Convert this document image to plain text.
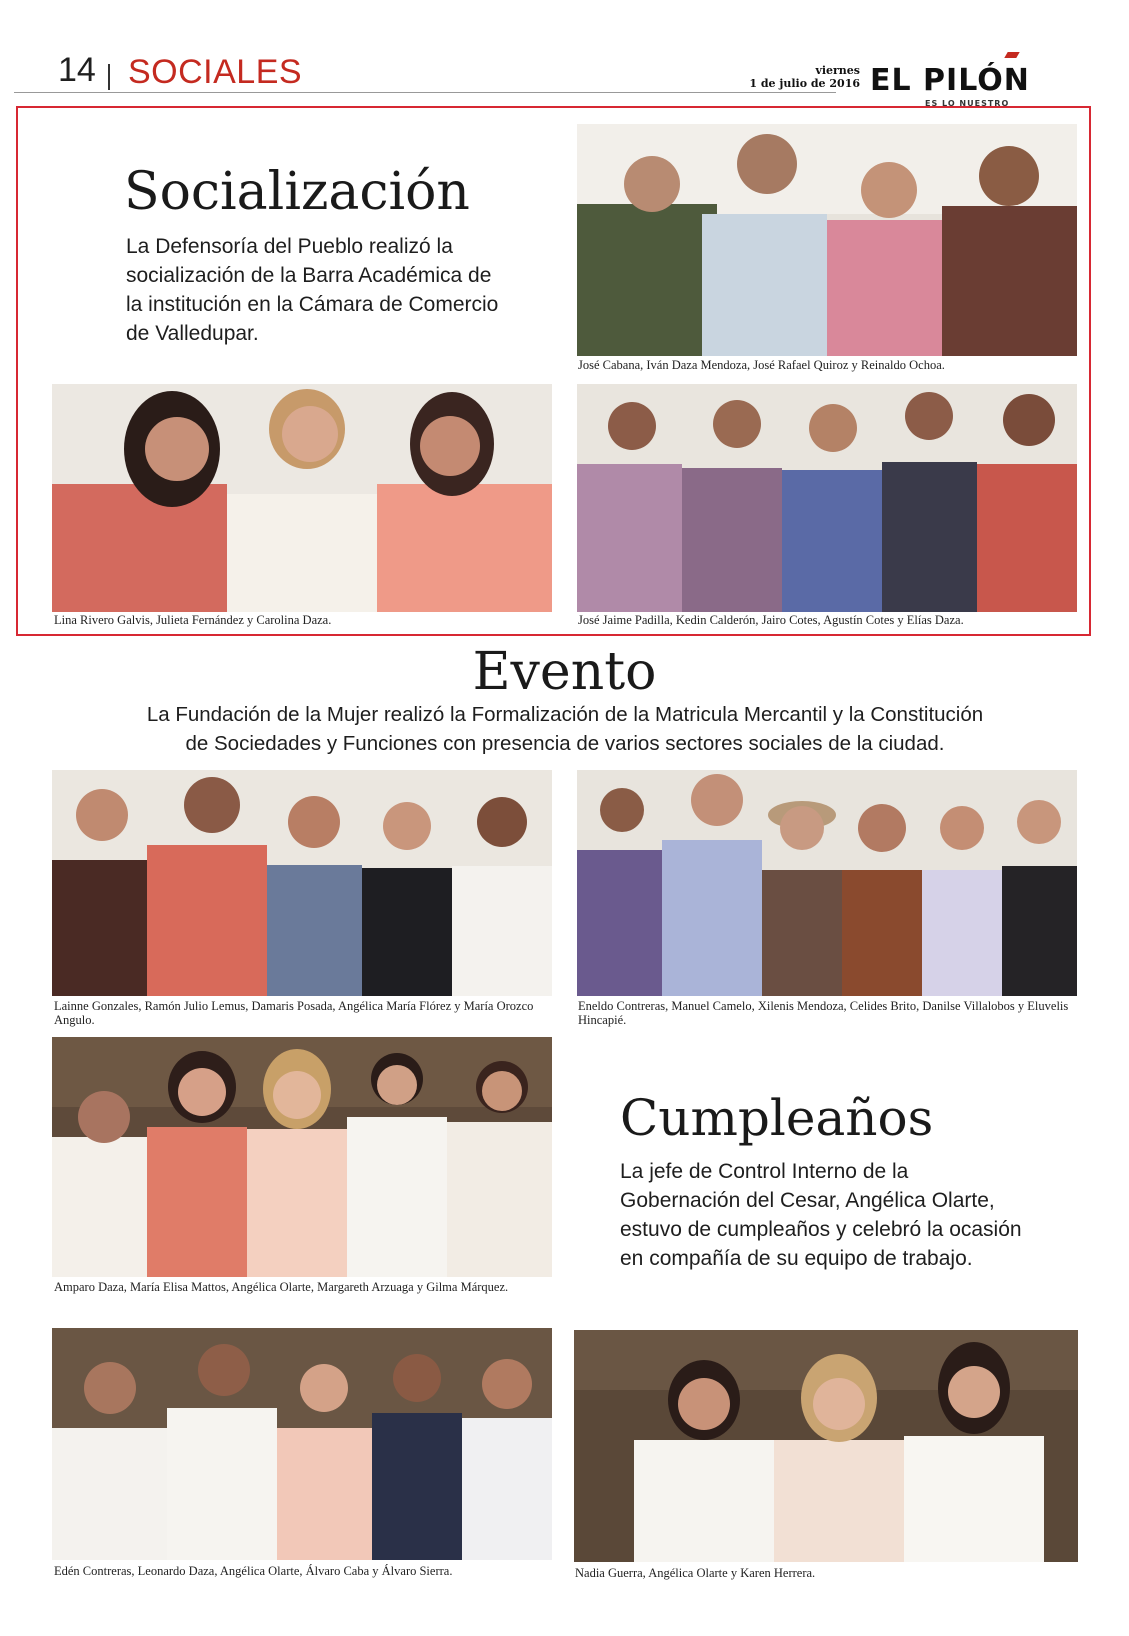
14 SOCIALES	viernes
1 de julio de 2016 EL PILÓN
ES LO NUESTRO
Socialización
La Defensoría del Pueblo realizó la socialización de la Barra Académica de la institución en la Cámara de Comercio de Valledupar.
José Cabana, Iván Daza Mendoza, José Rafael Quiroz y Reinaldo Ochoa.
Lina Rivero Galvis, Julieta Fernández y Carolina Daza.	José Jaime Padilla, Kedin Calderón, Jairo Cotes, Agustín Cotes y Elías Daza.
Evento
La Fundación de la Mujer realizó la Formalización de la Matricula Mercantil y la Constitución de Sociedades y Funciones con presencia de varios sectores sociales de la ciudad.
Lainne Gonzales, Ramón Julio Lemus, Damaris Posada, Angélica María Flórez y María Orozco Angulo.
Eneldo Contreras, Manuel Camelo, Xilenis Mendoza, Celides Brito, Danilse Villalobos y Eluvelis Hincapié.
Amparo Daza, María Elisa Mattos, Angélica Olarte, Margareth Arzuaga y Gilma Márquez.
Cumpleaños
La jefe de Control Interno de la Gobernación del Cesar, Angélica Olarte, estuvo de cumpleaños y celebró la ocasión en compañía de su equipo de trabajo.
Edén Contreras, Leonardo Daza, Angélica Olarte, Álvaro Caba y Álvaro Sierra.	Nadia Guerra, Angélica Olarte y Karen Herrera.
